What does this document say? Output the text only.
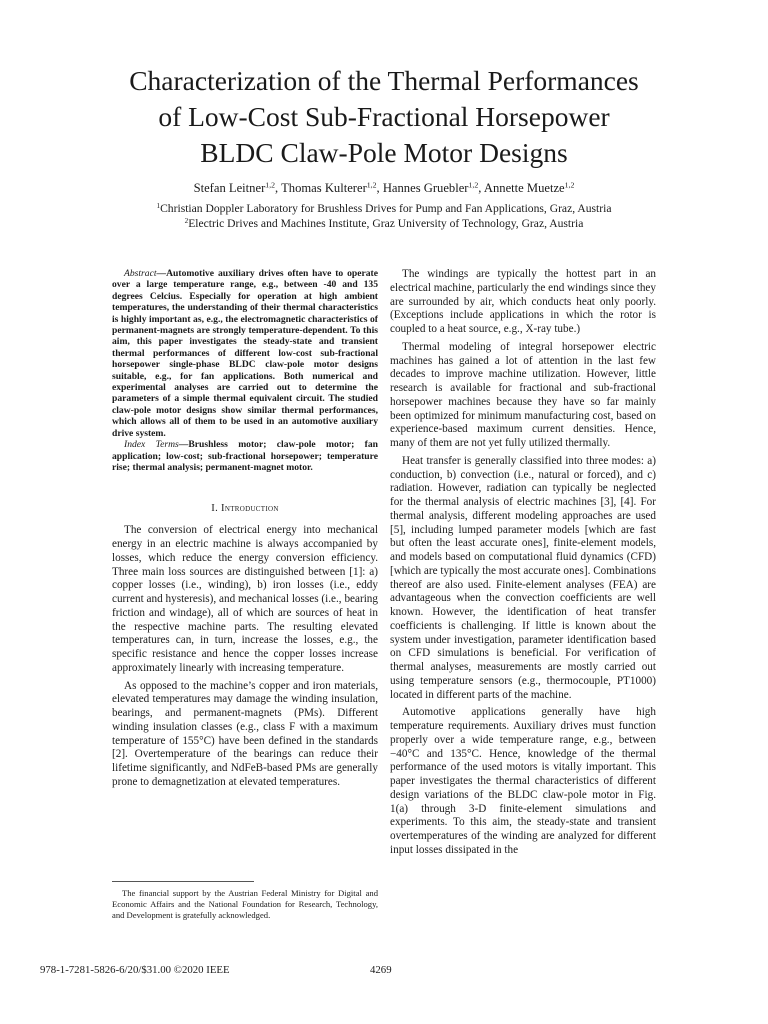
Characterization of the Thermal Performances
of Low-Cost Sub-Fractional Horsepower
BLDC Claw-Pole Motor Designs
Stefan Leitner$^{1,2}$, Thomas Kulterer$^{1,2}$, Hannes Gruebler$^{1,2}$, Annette Muetze$^{1,2}$
$^1$Christian Doppler Laboratory for Brushless Drives for Pump and Fan Applications, Graz, Austria
$^2$Electric Drives and Machines Institute, Graz University of Technology, Graz, Austria

Abstract—Automotive auxiliary drives often have to operate over a large temperature range, e.g., between -40 and 135 degrees Celcius. Especially for operation at high ambient temperatures, the understanding of their thermal characteristics is highly important as, e.g., the electromagnetic characteristics of permanent-magnets are strongly temperature-dependent. To this aim, this paper investigates the steady-state and transient thermal performances of different low-cost sub-fractional horsepower single-phase BLDC claw-pole motor designs suitable, e.g., for fan applications. Both numerical and experimental analyses are carried out to determine the parameters of a simple thermal equivalent circuit. The studied claw-pole motor designs show similar thermal performances, which allows all of them to be used in an automotive auxiliary drive system.

Index Terms—Brushless motor; claw-pole motor; fan application; low-cost; sub-fractional horsepower; temperature rise; thermal analysis; permanent-magnet motor.

I. Introduction

The conversion of electrical energy into mechanical energy in an electric machine is always accompanied by losses, which reduce the energy conversion efficiency. Three main loss sources are distinguished between [1]: a) copper losses (i.e., winding), b) iron losses (i.e., eddy current and hysteresis), and mechanical losses (i.e., bearing friction and windage), all of which are sources of heat in the respective machine parts. The resulting elevated temperatures can, in turn, increase the losses, e.g., the specific resistance and hence the copper losses increase approximately linearly with increasing temperature.

As opposed to the machine’s copper and iron materials, elevated temperatures may damage the winding insulation, bearings, and permanent-magnets (PMs). Different winding insulation classes (e.g., class F with a maximum temperature of 155°C) have been defined in the standards [2]. Overtemperature of the bearings can reduce their lifetime significantly, and NdFeB-based PMs are generally prone to demagnetization at elevated temperatures.

The windings are typically the hottest part in an electrical machine, particularly the end windings since they are surrounded by air, which conducts heat only poorly. (Exceptions include applications in which the rotor is coupled to a heat source, e.g., X-ray tube.)

Thermal modeling of integral horsepower electric machines has gained a lot of attention in the last few decades to improve machine utilization. However, little research is available for fractional and sub-fractional horsepower machines because they have so far mainly been optimized for minimum manufacturing cost, based on experience-based maximum current densities. Hence, many of them are not yet fully utilized thermally.

Heat transfer is generally classified into three modes: a) conduction, b) convection (i.e., natural or forced), and c) radiation. However, radiation can typically be neglected for the thermal analysis of electric machines [3], [4]. For thermal analysis, different modeling approaches are used [5], including lumped parameter models [which are fast but often the least accurate ones], finite-element models, and models based on computational fluid dynamics (CFD) [which are typically the most accurate ones]. Combinations thereof are also used. Finite-element analyses (FEA) are advantageous when the convection coefficients are well known. However, the identification of heat transfer coefficients is challenging. If little is known about the system under investigation, parameter identification based on CFD simulations is beneficial. For verification of thermal analyses, measurements are mostly carried out using temperature sensors (e.g., thermocouple, PT1000) located in different parts of the machine.

Automotive applications generally have high temperature requirements. Auxiliary drives must function properly over a wide temperature range, e.g., between −40°C and 135°C. Hence, knowledge of the thermal performance of the used motors is vitally important. This paper investigates the thermal characteristics of different design variations of the BLDC claw-pole motor in Fig. 1(a) through 3-D finite-element simulations and experiments. To this aim, the steady-state and transient overtemperatures of the winding are analyzed for different input losses dissipated in the

The financial support by the Austrian Federal Ministry for Digital and Economic Affairs and the National Foundation for Research, Technology, and Development is gratefully acknowledged.
978-1-7281-5826-6/20/$31.00 ©2020 IEEE	4269
